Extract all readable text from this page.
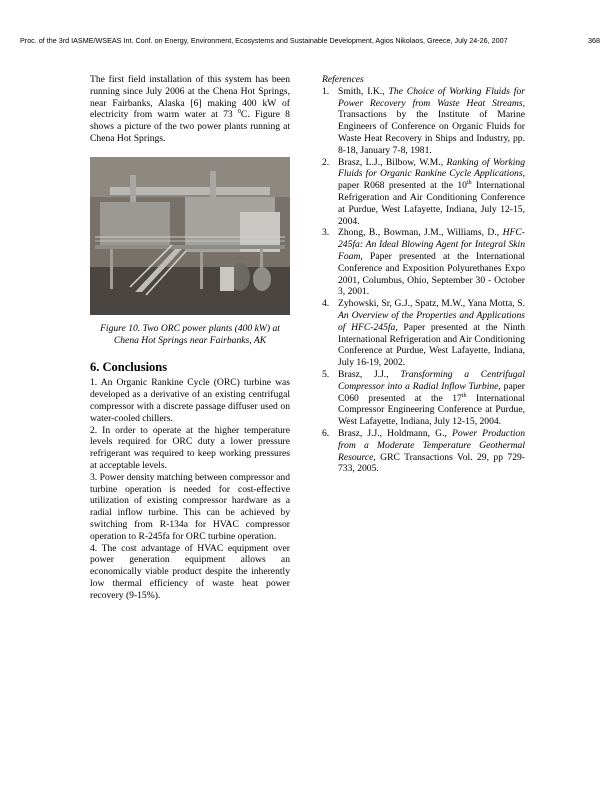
Proc. of the 3rd IASME/WSEAS Int. Conf. on Energy, Environment, Ecosystems and Sustainable Development, Agios Nikolaos, Greece, July 24-26, 2007	368

The first field installation of this system has been running since July 2006 at the Chena Hot Springs, near Fairbanks, Alaska [6] making 400 kW of electricity from warm water at 73 $^0$C. Figure 8 shows a picture of the two power plants running at Chena Hot Springs.

Figure 10. Two ORC power plants (400 kW) at Chena Hot Springs near Fairbanks, AK
6. Conclusions

1. An Organic Rankine Cycle (ORC) turbine was developed as a derivative of an existing centrifugal compressor with a discrete passage diffuser used on water-cooled chillers.

2. In order to operate at the higher temperature levels required for ORC duty a lower pressure refrigerant was required to keep working pressures at acceptable levels.

3. Power density matching between compressor and turbine operation is needed for cost-effective utilization of existing compressor hardware as a radial inflow turbine. This can be achieved by switching from R-134a for HVAC compressor operation to R-245fa for ORC turbine operation.

4. The cost advantage of HVAC equipment over power generation equipment allows an economically viable product despite the inherently low thermal efficiency of waste heat power recovery (9-15%).

References
1. Smith, I.K., The Choice of Working Fluids for Power Recovery from Waste Heat Streams, Transactions by the Institute of Marine Engineers of Conference on Organic Fluids for Waste Heat Recovery in Ships and Industry, pp. 8-18, January 7-8, 1981.
2. Brasz, L.J., Bilbow, W.M., Ranking of Working Fluids for Organic Rankine Cycle Applications, paper R068 presented at the 10th International Refrigeration and Air Conditioning Conference at Purdue, West Lafayette, Indiana, July 12-15, 2004.
3. Zhong, B., Bowman, J.M., Williams, D., HFC-245fa: An Ideal Blowing Agent for Integral Skin Foam, Paper presented at the International Conference and Exposition Polyurethanes Expo 2001, Columbus, Ohio, September 30 - October 3, 2001.
4. Zyhowski, Sr, G.J., Spatz, M.W., Yana Motta, S. An Overview of the Properties and Applications of HFC-245fa, Paper presented at the Ninth International Refrigeration and Air Conditioning Conference at Purdue, West Lafayette, Indiana, July 16-19, 2002.
5. Brasz, J.J., Transforming a Centrifugal Compressor into a Radial Inflow Turbine, paper C060 presented at the 17th International Compressor Engineering Conference at Purdue, West Lafayette, Indiana, July 12-15, 2004.
6. Brasz, J.J., Holdmann, G., Power Production from a Moderate Temperature Geothermal Resource, GRC Transactions Vol. 29, pp 729-733, 2005.
